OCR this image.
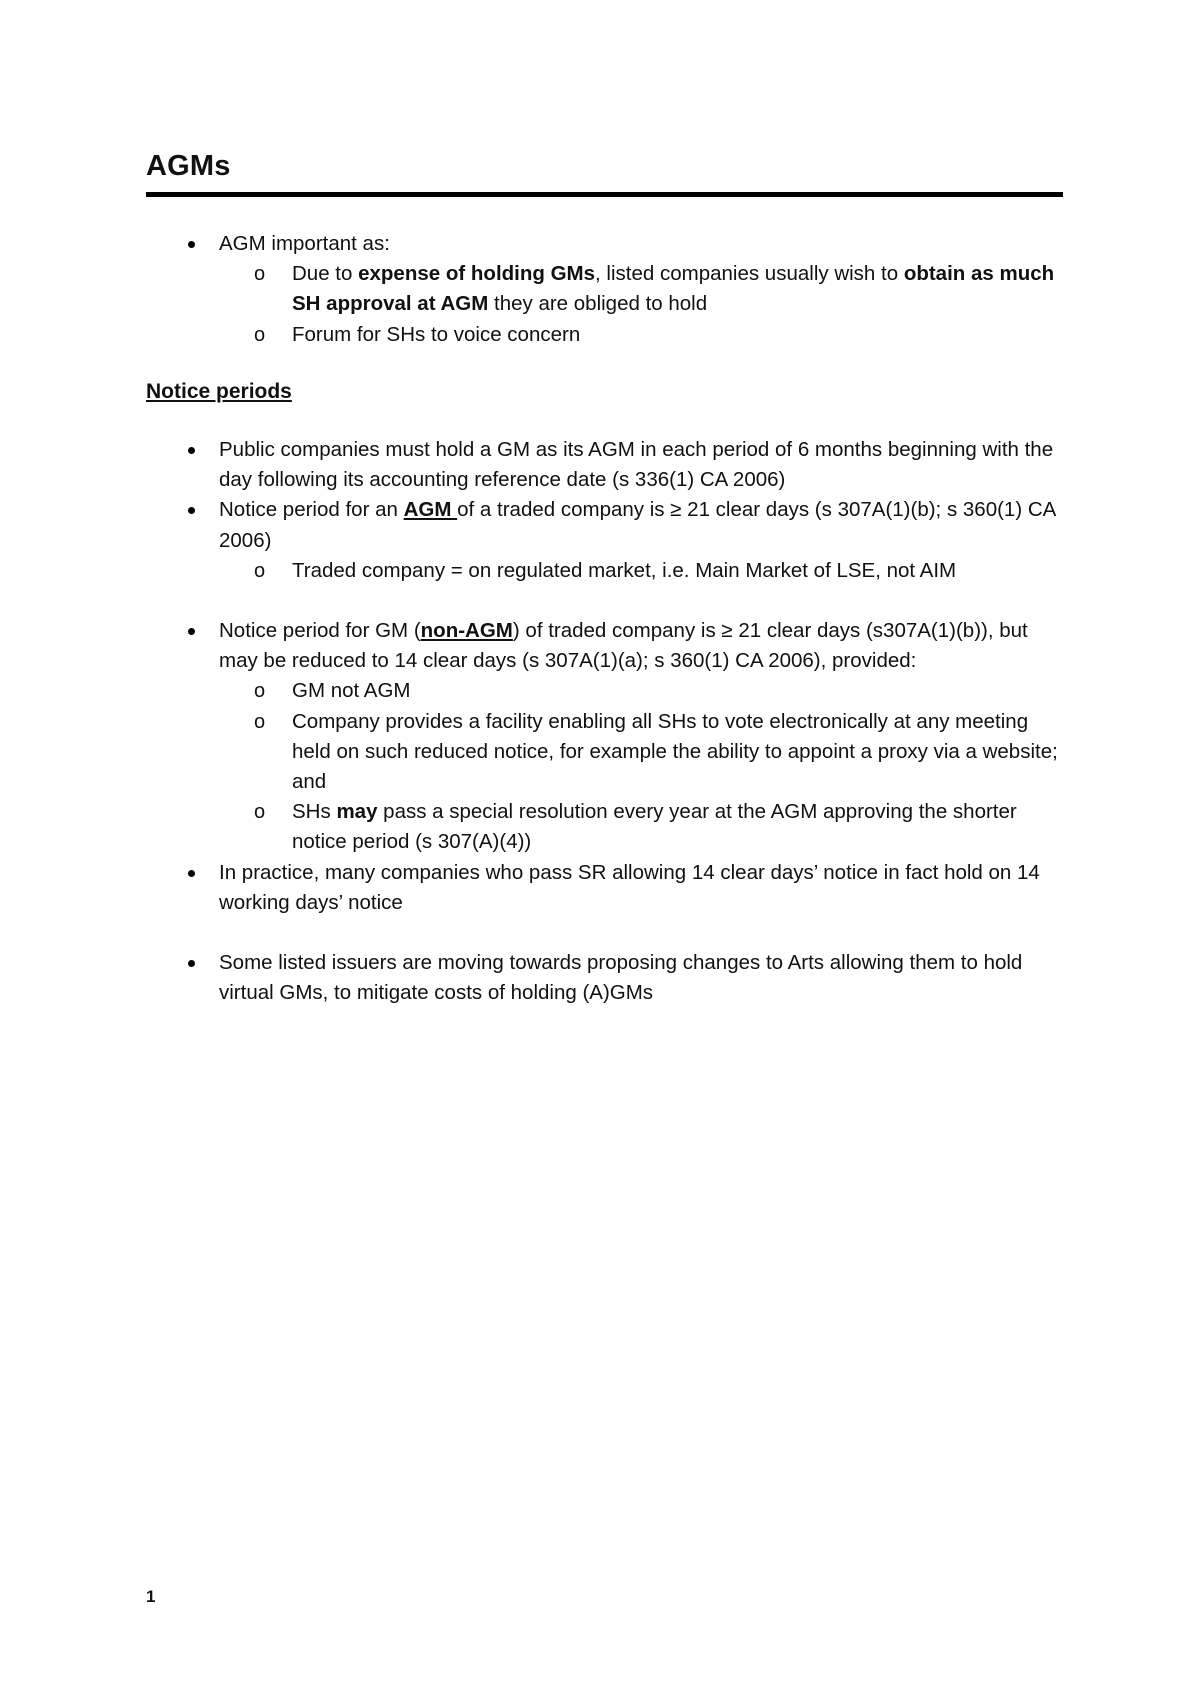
AGMs
AGM important as:
o Due to expense of holding GMs, listed companies usually wish to obtain as much SH approval at AGM they are obliged to hold
o Forum for SHs to voice concern
Notice periods
Public companies must hold a GM as its AGM in each period of 6 months beginning with the day following its accounting reference date (s 336(1) CA 2006)
Notice period for an AGM of a traded company is ≥ 21 clear days (s 307A(1)(b); s 360(1) CA 2006)
o Traded company = on regulated market, i.e. Main Market of LSE, not AIM
Notice period for GM (non-AGM) of traded company is ≥ 21 clear days (s307A(1)(b)), but may be reduced to 14 clear days (s 307A(1)(a); s 360(1) CA 2006), provided:
o GM not AGM
o Company provides a facility enabling all SHs to vote electronically at any meeting held on such reduced notice, for example the ability to appoint a proxy via a website; and
o SHs may pass a special resolution every year at the AGM approving the shorter notice period (s 307(A)(4))
In practice, many companies who pass SR allowing 14 clear days’ notice in fact hold on 14 working days’ notice
Some listed issuers are moving towards proposing changes to Arts allowing them to hold virtual GMs, to mitigate costs of holding (A)GMs
1
